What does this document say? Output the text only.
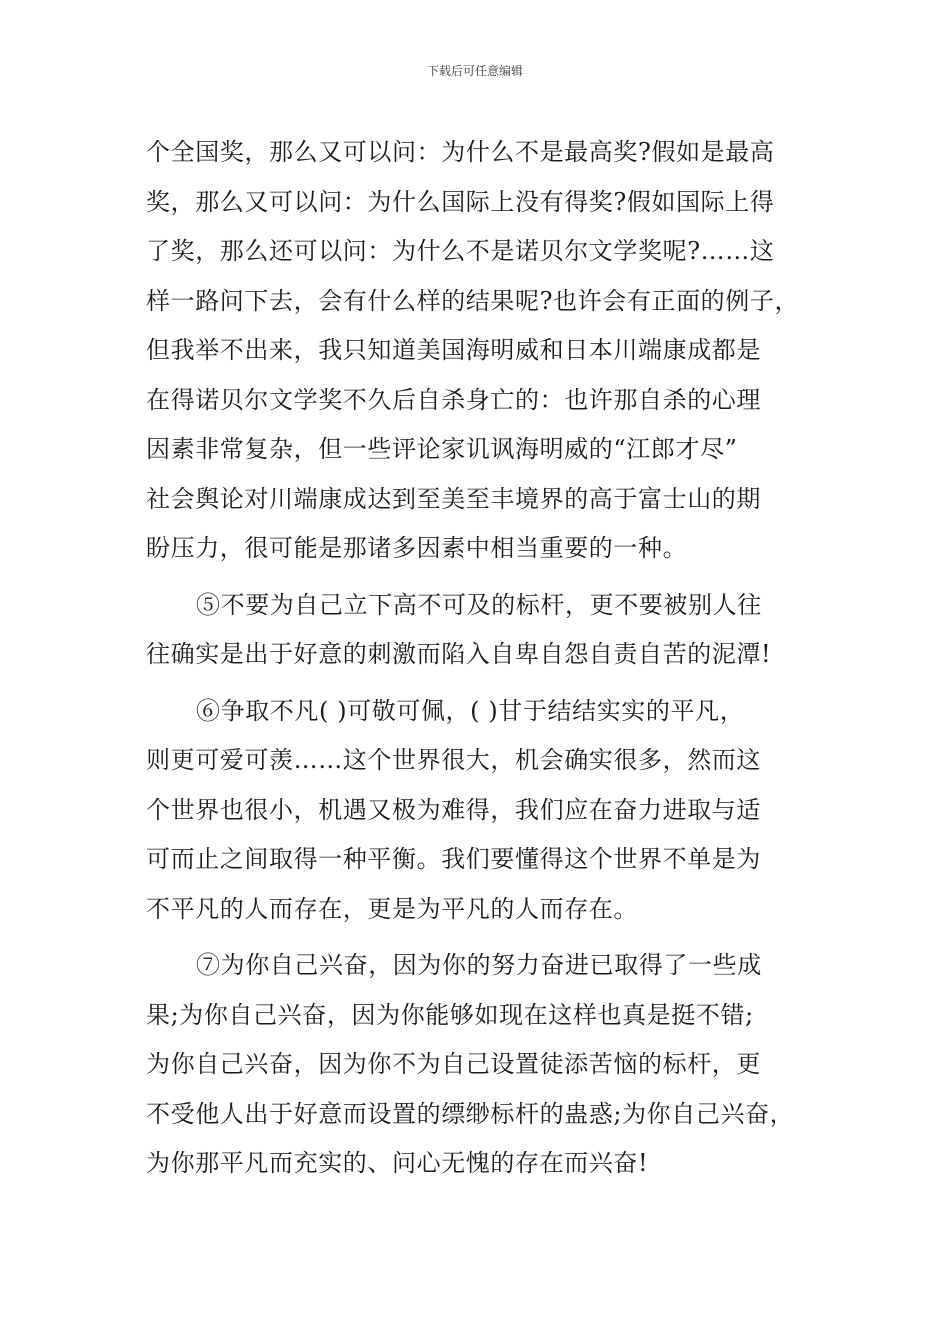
下载后可任意编辑
个全国奖，那么又可以问：为什么不是最高奖?假如是最高
奖，那么又可以问：为什么国际上没有得奖?假如国际上得
了奖，那么还可以问：为什么不是诺贝尔文学奖呢?……这
样一路问下去，会有什么样的结果呢?也许会有正面的例子，
但我举不出来，我只知道美国海明威和日本川端康成都是
在得诺贝尔文学奖不久后自杀身亡的：也许那自杀的心理
因素非常复杂，但一些评论家讥讽海明威的“江郎才尽”
社会舆论对川端康成达到至美至丰境界的高于富士山的期
盼压力，很可能是那诸多因素中相当重要的一种。
⑤不要为自己立下高不可及的标杆，更不要被别人往
往确实是出于好意的刺激而陷入自卑自怨自责自苦的泥潭!
⑥争取不凡( )可敬可佩，( )甘于结结实实的平凡，
则更可爱可羡……这个世界很大，机会确实很多，然而这
个世界也很小，机遇又极为难得，我们应在奋力进取与适
可而止之间取得一种平衡。我们要懂得这个世界不单是为
不平凡的人而存在，更是为平凡的人而存在。
⑦为你自己兴奋，因为你的努力奋进已取得了一些成
果;为你自己兴奋，因为你能够如现在这样也真是挺不错;
为你自己兴奋，因为你不为自己设置徒添苦恼的标杆，更
不受他人出于好意而设置的缥缈标杆的蛊惑;为你自己兴奋，
为你那平凡而充实的、问心无愧的存在而兴奋!
